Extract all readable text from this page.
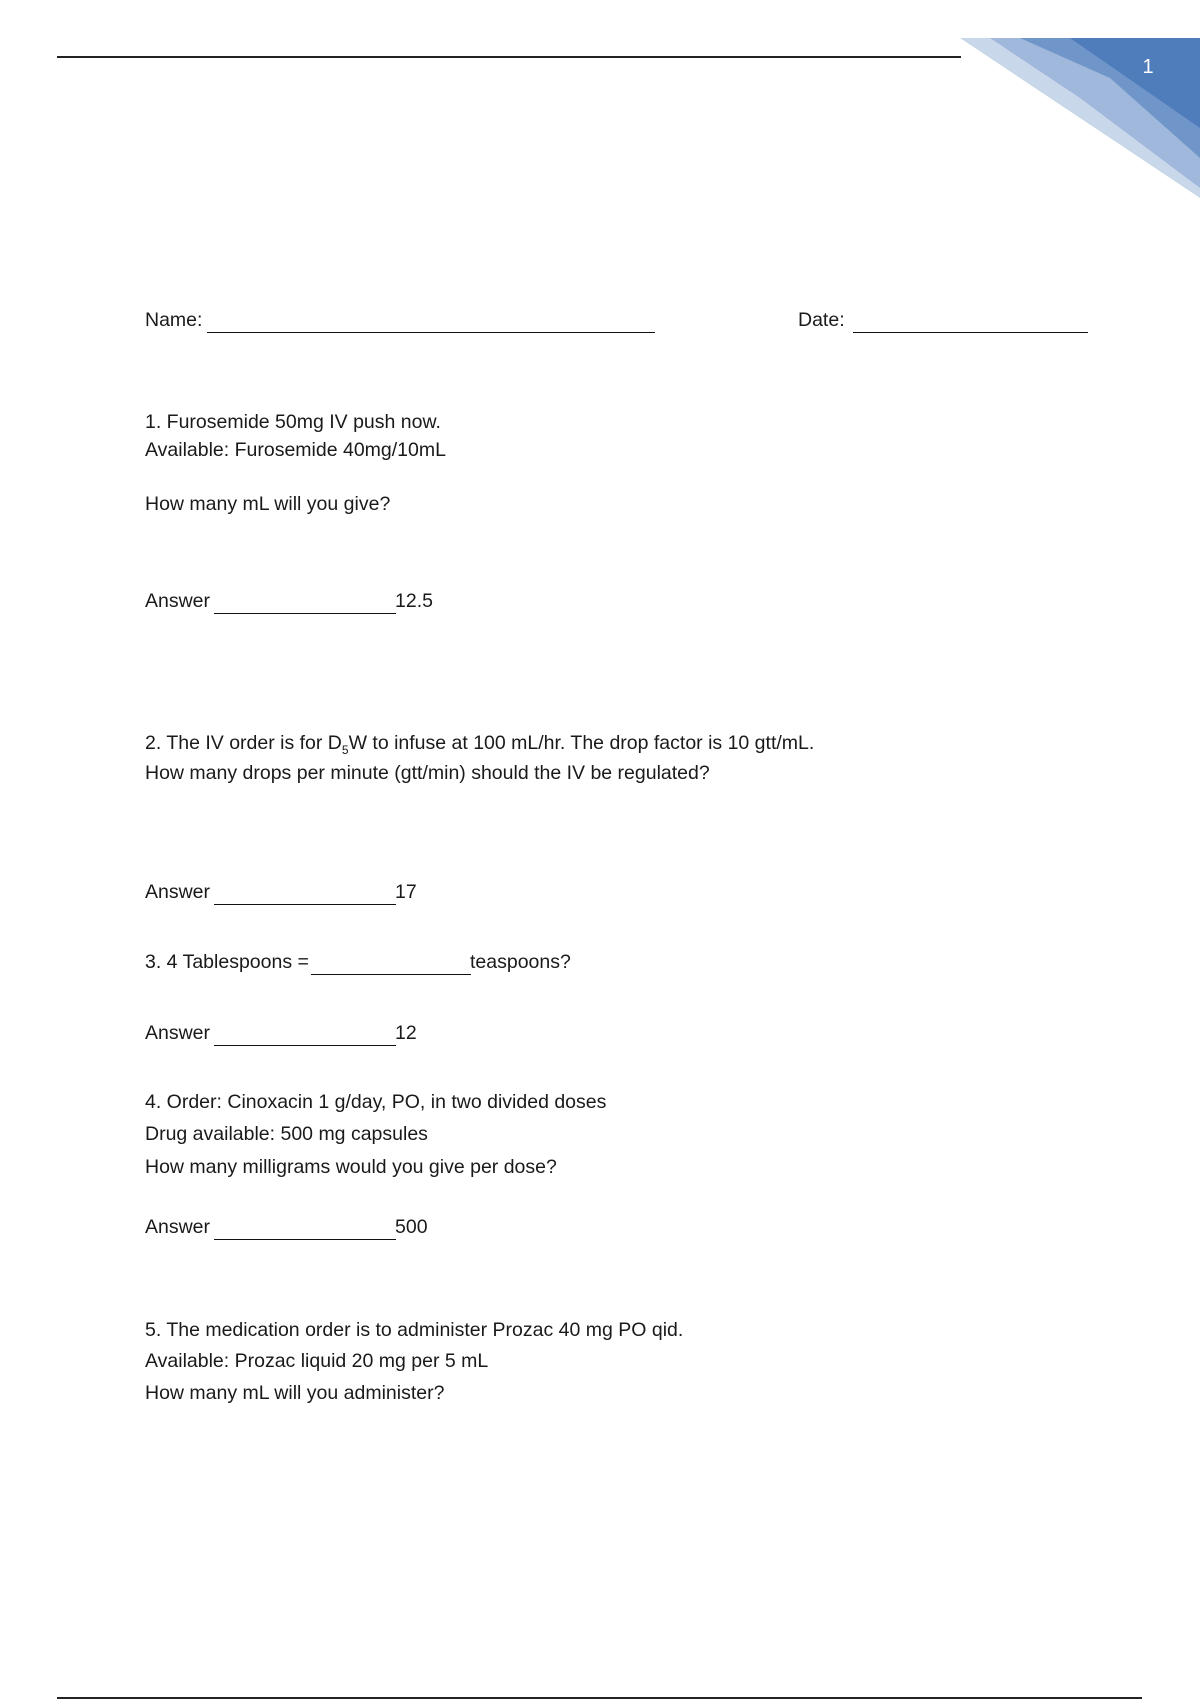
1
Name:	Date:
1. Furosemide 50mg IV push now.
Available: Furosemide 40mg/10mL
How many mL will you give?
Answer	12.5
2. The IV order is for $D_5W$ to infuse at 100 mL/hr. The drop factor is 10 gtt/mL.
How many drops per minute (gtt/min) should the IV be regulated?
Answer	17
3. 4 Tablespoons =	teaspoons?
Answer	12
4. Order: Cinoxacin 1 g/day, PO, in two divided doses
Drug available: 500 mg capsules
How many milligrams would you give per dose?
Answer	500
5. The medication order is to administer Prozac 40 mg PO qid.
Available: Prozac liquid 20 mg per 5 mL
How many mL will you administer?
